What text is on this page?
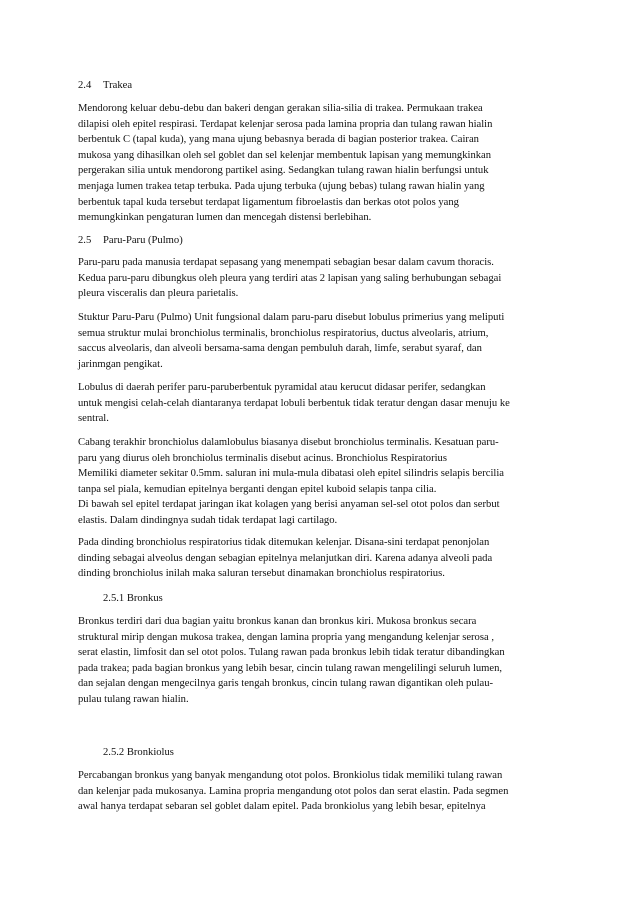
2.4	Trakea
Mendorong keluar debu-debu dan bakeri dengan gerakan silia-silia di trakea. Permukaan trakea
dilapisi oleh epitel respirasi. Terdapat kelenjar serosa pada lamina propria dan tulang rawan hialin
berbentuk C (tapal kuda), yang mana ujung bebasnya berada di bagian posterior trakea. Cairan
mukosa yang dihasilkan oleh sel goblet dan sel kelenjar membentuk lapisan yang memungkinkan
pergerakan silia untuk mendorong partikel asing. Sedangkan tulang rawan hialin berfungsi untuk
menjaga lumen trakea tetap terbuka. Pada ujung terbuka (ujung bebas) tulang rawan hialin yang
berbentuk tapal kuda tersebut terdapat ligamentum fibroelastis dan berkas otot polos yang
memungkinkan pengaturan lumen dan mencegah distensi berlebihan.
2.5	Paru-Paru (Pulmo)
Paru-paru pada manusia terdapat sepasang yang menempati sebagian besar dalam cavum thoracis.
Kedua paru-paru dibungkus oleh pleura yang terdiri atas 2 lapisan yang saling berhubungan sebagai
pleura visceralis dan pleura parietalis.
Stuktur Paru-Paru (Pulmo) Unit fungsional dalam paru-paru disebut lobulus primerius yang meliputi
semua struktur mulai bronchiolus terminalis, bronchiolus respiratorius, ductus alveolaris, atrium,
saccus alveolaris, dan alveoli bersama-sama dengan pembuluh darah, limfe, serabut syaraf, dan
jarinmgan pengikat.
Lobulus di daerah perifer paru-paruberbentuk pyramidal atau kerucut didasar perifer, sedangkan
untuk mengisi celah-celah diantaranya terdapat lobuli berbentuk tidak teratur dengan dasar menuju ke
sentral.
Cabang terakhir bronchiolus dalamlobulus biasanya disebut bronchiolus terminalis. Kesatuan paru-
paru yang diurus oleh bronchiolus terminalis disebut acinus. Bronchiolus Respiratorius
Memiliki diameter sekitar 0.5mm. saluran ini mula-mula dibatasi oleh epitel silindris selapis bercilia
tanpa sel piala, kemudian epitelnya berganti dengan epitel kuboid selapis tanpa cilia.
Di bawah sel epitel terdapat jaringan ikat kolagen yang berisi anyaman sel-sel otot polos dan serbut
elastis. Dalam dindingnya sudah tidak terdapat lagi cartilago.
Pada dinding bronchiolus respiratorius tidak ditemukan kelenjar. Disana-sini terdapat penonjolan
dinding sebagai alveolus dengan sebagian epitelnya melanjutkan diri. Karena adanya alveoli pada
dinding bronchiolus inilah maka saluran tersebut dinamakan bronchiolus respiratorius.
2.5.1 Bronkus
Bronkus terdiri dari dua bagian yaitu bronkus kanan dan bronkus kiri. Mukosa bronkus secara
struktural mirip dengan mukosa trakea, dengan lamina propria yang mengandung kelenjar serosa ,
serat elastin, limfosit dan sel otot polos. Tulang rawan pada bronkus lebih tidak teratur dibandingkan
pada trakea; pada bagian bronkus yang lebih besar, cincin tulang rawan mengelilingi seluruh lumen,
dan sejalan dengan mengecilnya garis tengah bronkus, cincin tulang rawan digantikan oleh pulau-
pulau tulang rawan hialin.
2.5.2 Bronkiolus
Percabangan bronkus yang banyak mengandung otot polos. Bronkiolus tidak memiliki tulang rawan
dan kelenjar pada mukosanya. Lamina propria mengandung otot polos dan serat elastin. Pada segmen
awal hanya terdapat sebaran sel goblet dalam epitel. Pada bronkiolus yang lebih besar, epitelnya
